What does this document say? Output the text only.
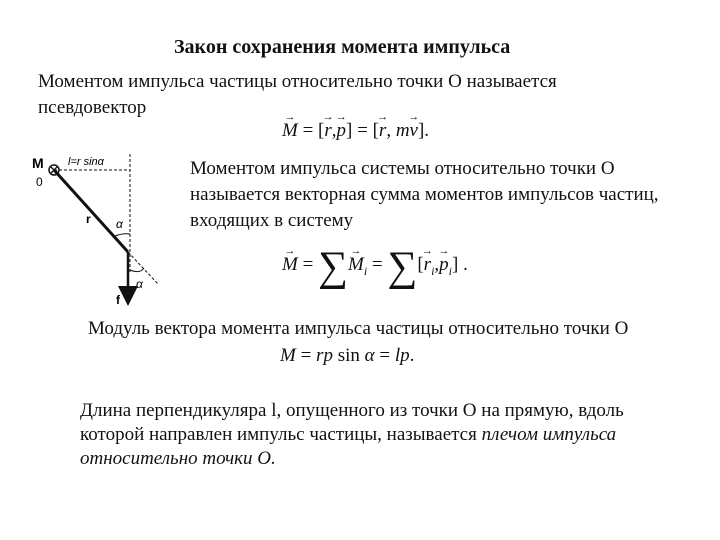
Закон сохранения момента импульса
Моментом импульса частицы относительно точки О называется
псевдовектор
→ M = [→ r,→ p] = [→ r, m→ v].
M
0
l=r sinα
r α
α
f
Моментом импульса системы относительно точки О
называется векторная сумма моментов импульсов частиц,
входящих в систему
→ M = ∑→ $M_i$ = ∑[→ $r_i,\to p_i$] .
Модуль вектора момента импульса частицы относительно точки О
M = rp sin α = lp.
Длина перпендикуляра l, опущенного из точки О на прямую, вдоль
которой направлен импульс частицы, называется плечом импульса
относительно точки О.
